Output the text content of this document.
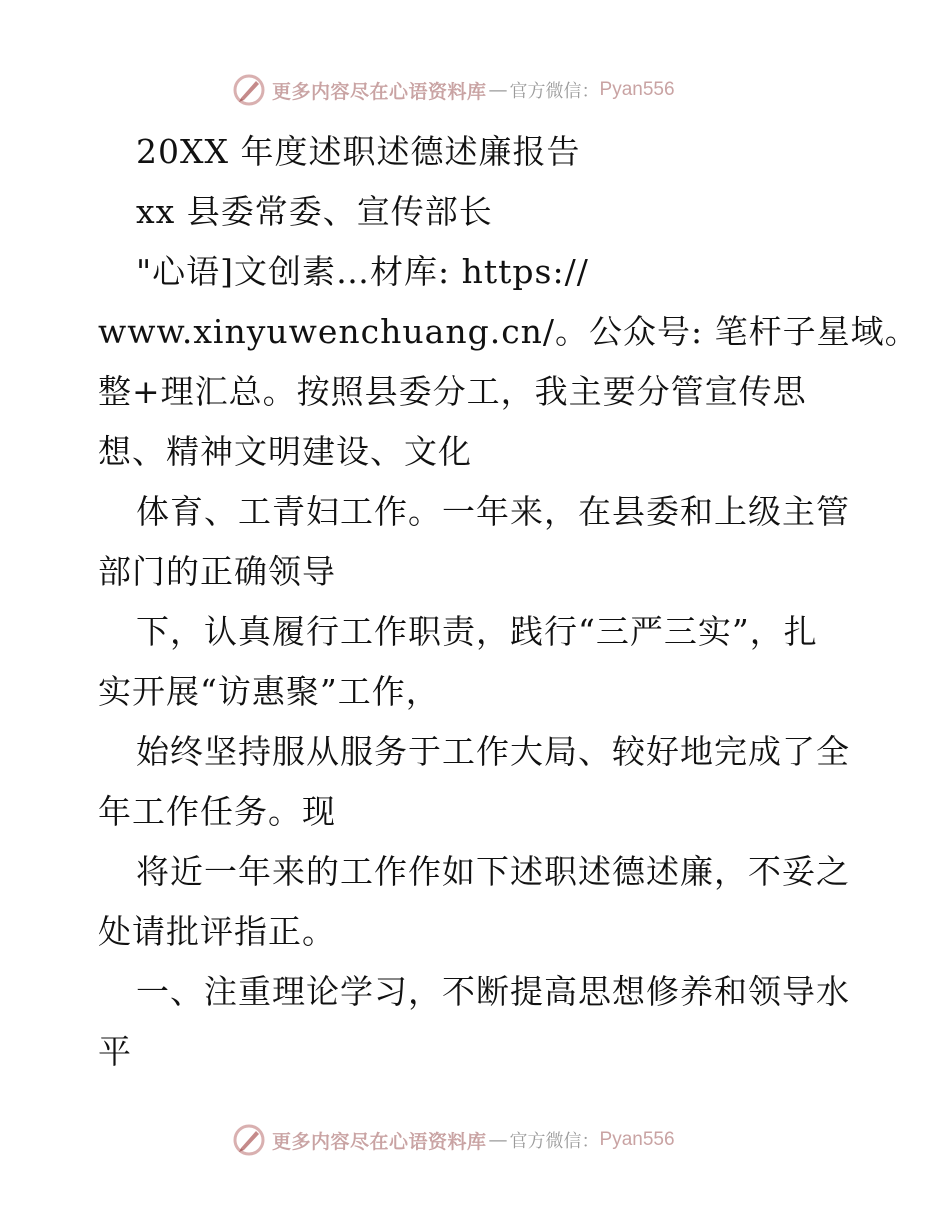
更多内容尽在心语资料库 — 官方微信： Pyan556
20XX 年度述职述德述廉报告
xx 县委常委、宣传部长
"心语]文创素…材库: https://
www.xinyuwenchuang.cn/。公众号: 笔杆子星域。
整+理汇总。按照县委分工，我主要分管宣传思
想、精神文明建设、文化
体育、工青妇工作。一年来，在县委和上级主管
部门的正确领导
下，认真履行工作职责，践行“三严三实”，扎
实开展“访惠聚”工作，
始终坚持服从服务于工作大局、较好地完成了全
年工作任务。现
将近一年来的工作作如下述职述德述廉，不妥之
处请批评指正。
一、注重理论学习，不断提高思想修养和领导水
平
更多内容尽在心语资料库 — 官方微信： Pyan556
